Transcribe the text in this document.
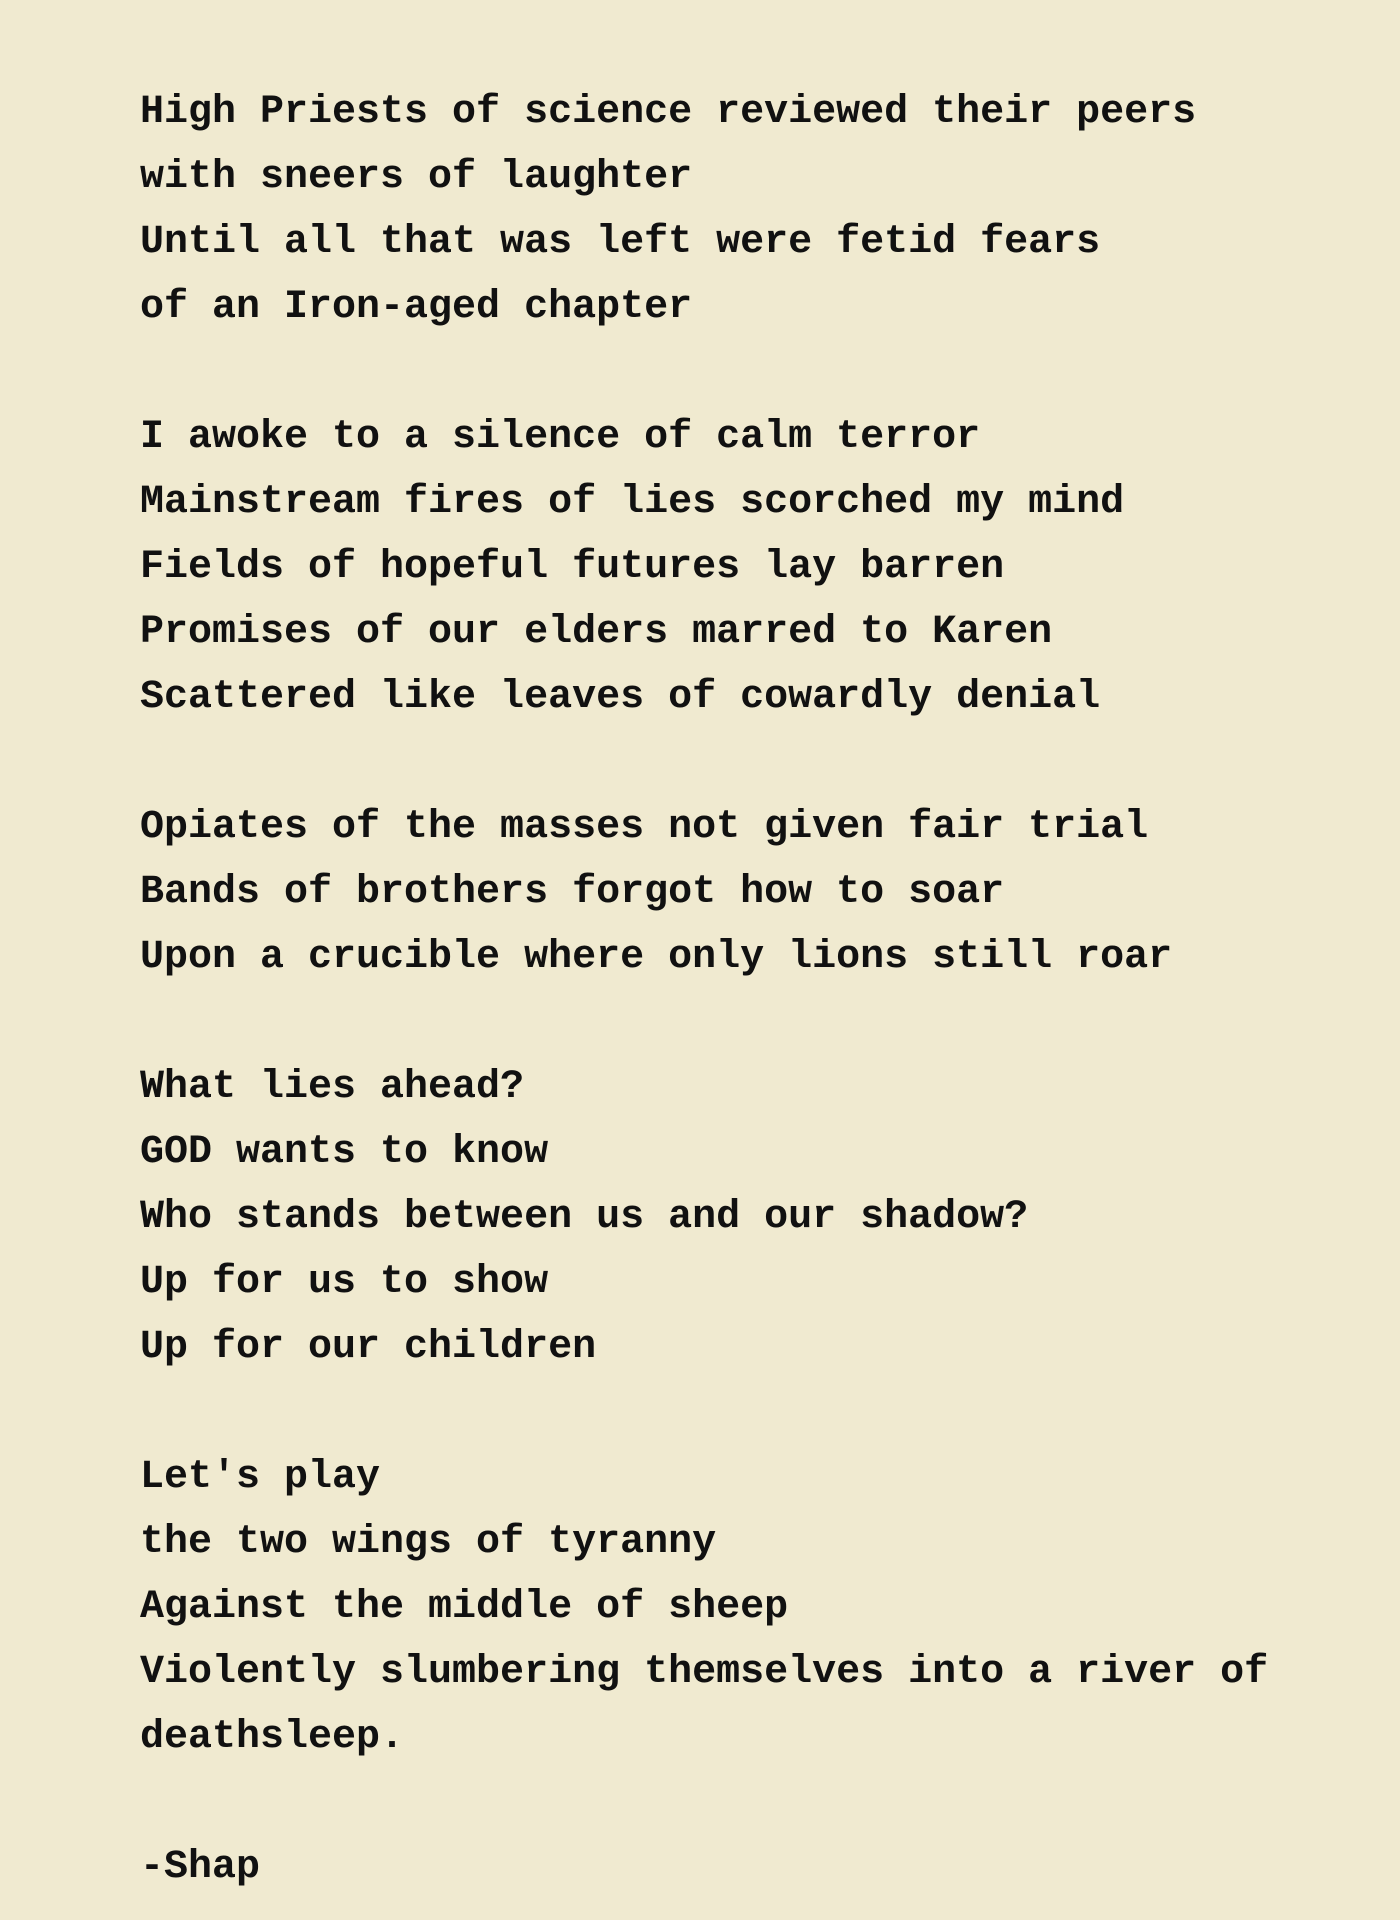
High Priests of science reviewed their peers
with sneers of laughter
Until all that was left were fetid fears
of an Iron-aged chapter
I awoke to a silence of calm terror
Mainstream fires of lies scorched my mind
Fields of hopeful futures lay barren
Promises of our elders marred to Karen
Scattered like leaves of cowardly denial
Opiates of the masses not given fair trial
Bands of brothers forgot how to soar
Upon a crucible where only lions still roar
What lies ahead?
GOD wants to know
Who stands between us and our shadow?
Up for us to show
Up for our children
Let's play
the two wings of tyranny
Against the middle of sheep
Violently slumbering themselves into a river of
deathsleep.
-Shap
